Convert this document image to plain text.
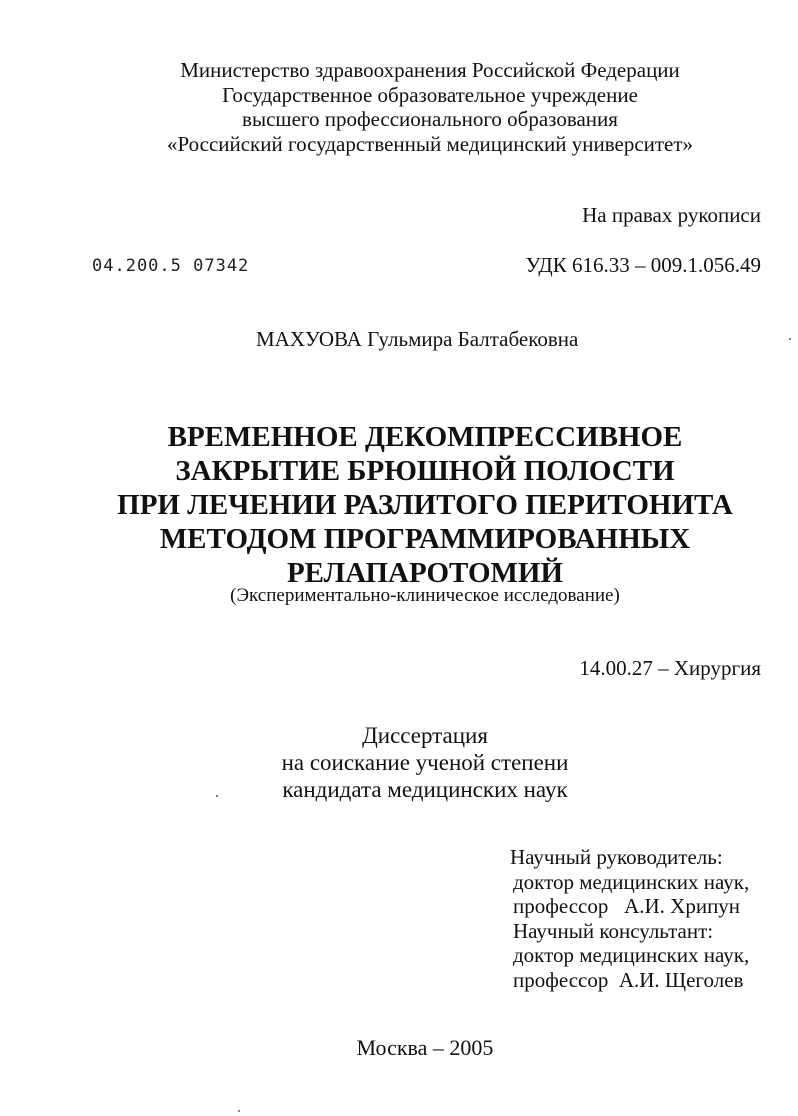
Министерство здравоохранения Российской Федерации
Государственное образовательное учреждение
высшего профессионального образования
«Российский государственный медицинский университет»
На правах рукописи
04.200.5 07342	УДК 616.33 – 009.1.056.49
МАХУОВА Гульмира Балтабековна
ВРЕМЕННОЕ ДЕКОМПРЕССИВНОЕ
ЗАКРЫТИЕ БРЮШНОЙ ПОЛОСТИ
ПРИ ЛЕЧЕНИИ РАЗЛИТОГО ПЕРИТОНИТА
МЕТОДОМ ПРОГРАММИРОВАННЫХ
РЕЛАПАРОТОМИЙ
(Экспериментально-клиническое исследование)
14.00.27 – Хирургия
Диссертация
на соискание ученой степени
кандидата медицинских наук
Научный руководитель:
доктор медицинских наук,
профессор   А.И. Хрипун
Научный консультант:
доктор медицинских наук,
профессор  А.И. Щеголев
Москва – 2005
